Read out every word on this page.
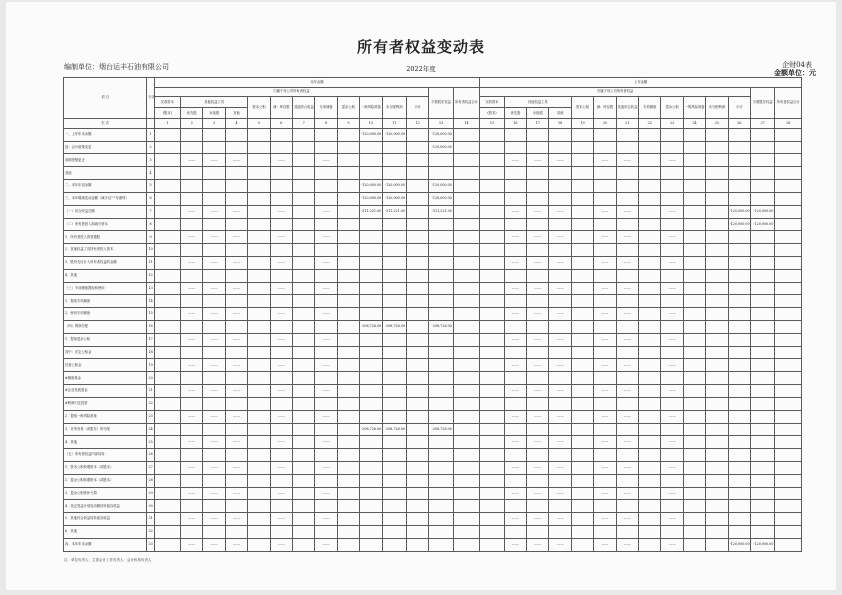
所有者权益变动表
企财04表
编制单位：烟台运丰石油有限公司	2022年度	金额单位：元
项 目	行次	本年金额														上年金额													
		归属于母公司所有者权益												少数股东权益	所有者权益合计	归属于母公司所有者权益												少数股东权益	所有者权益合计
		实收资本	其他权益工具			资本公积	减：库存股	其他综合收益	专项储备	盈余公积	一般风险准备	未分配利润	小计			实收资本	其他权益工具			资本公积	减：库存股	其他综合收益	专项储备	盈余公积	一般风险准备	未分配利润	小计		
		(股本)	优先股	永续债	其他											(股本)	优先股	永续债	其他										
栏 次		1	2	3	4	5	6	7	8	9	10	11	12	13	14	15	16	17	18	19	20	21	22	23	24	25	26	27	28
一、上年年末余额	1										-120,000.00	-120,000.00		-120,000.00															
加：会计政策变更	2													-120,000.00															
前期差错更正	3		——	——	——		——		——								——	——	——		——	——		——					
其他	4																												
二、本年年初余额	5										-120,000.00	-120,000.00		-120,000.00															
三、本年增减变动金额（减少以"-"号填列）	6										-120,000.00	-120,000.00		-120,000.00															
（一）综合收益总额	7		——	——	——		——		——		-311,221.00	-311,221.00		-311,221.00			——	——	——		——	——		——			-120,000.00	-120,000.00	
（二）所有者投入和减少资本	8																										-120,000.00	-120,000.00	
1．所有者投入的普通股	9		——	——	——		——		——								——	——	——		——	——		——					
2．其他权益工具持有者投入资本	10																												
3．股份支付计入所有者权益的金额	11		——	——	——		——		——								——	——	——		——	——		——					
4．其他	12																												
（三）专项储备提取和使用	13		——	——	——		——		——								——	——	——		——	——		——					
1．提取专项储备	14																												
2．使用专项储备	15		——	——	——		——		——								——	——	——		——	——		——					
（四）利润分配	16										-208,726.00	-208,726.00		-208,726.00															
1．提取盈余公积	17		——	——	——		——		——								——	——	——		——	——		——					
其中：法定公积金	18																												
任意公积金	19		——	——	——		——		——								——	——	——		——	——		——					
#储备基金	20																												
#企业发展基金	21		——	——	——		——		——								——	——	——		——	——		——					
#利润归还投资	22																												
2．提取一般风险准备	23		——	——	——		——		——								——	——	——		——	——		——					
3．对所有者（或股东）的分配	24										-208,726.00	-208,726.00		-208,726.00															
4．其他	25		——	——	——		——		——								——	——	——		——	——		——					
（五）所有者权益内部结转	26																												
1．资本公积转增资本（或股本）	27		——	——	——		——		——								——	——	——		——	——		——					
2．盈余公积转增资本（或股本）	28																												
3．盈余公积弥补亏损	29		——	——	——		——		——								——	——	——		——	——		——					
4．设定受益计划变动额结转留存收益	30																												
5．其他综合收益结转留存收益	31		——	——	——		——		——								——	——	——		——	——		——					
6．其他	32																												
四、本年年末余额	33		——	——	——		——		——								——	——	——		——	——		——			-120,000.00	-120,000.00	
注：单位负责人：主管会计工作负责人：会计机构负责人：
